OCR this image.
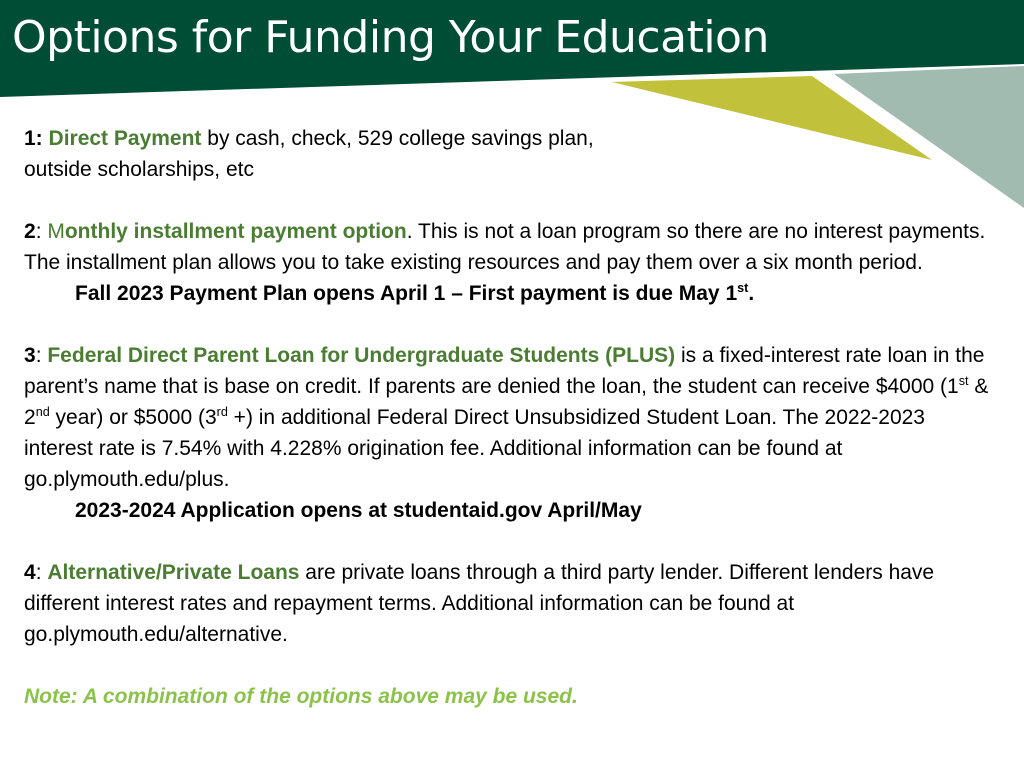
Options for Funding Your Education

1: Direct Payment by cash, check, 529 college savings plan, outside scholarships, etc

2: Monthly installment payment option. This is not a loan program so there are no interest payments. The installment plan allows you to take existing resources and pay them over a six month period.

Fall 2023 Payment Plan opens April 1 – First payment is due May 1st.

3: Federal Direct Parent Loan for Undergraduate Students (PLUS) is a fixed-interest rate loan in the parent’s name that is base on credit. If parents are denied the loan, the student can receive $4000 (1st & 2nd year) or $5000 (3rd +) in additional Federal Direct Unsubsidized Student Loan. The 2022-2023 interest rate is 7.54% with 4.228% origination fee. Additional information can be found at go.plymouth.edu/plus.

2023-2024 Application opens at studentaid.gov April/May

4: Alternative/Private Loans are private loans through a third party lender. Different lenders have different interest rates and repayment terms. Additional information can be found at go.plymouth.edu/alternative.

Note: A combination of the options above may be used.
